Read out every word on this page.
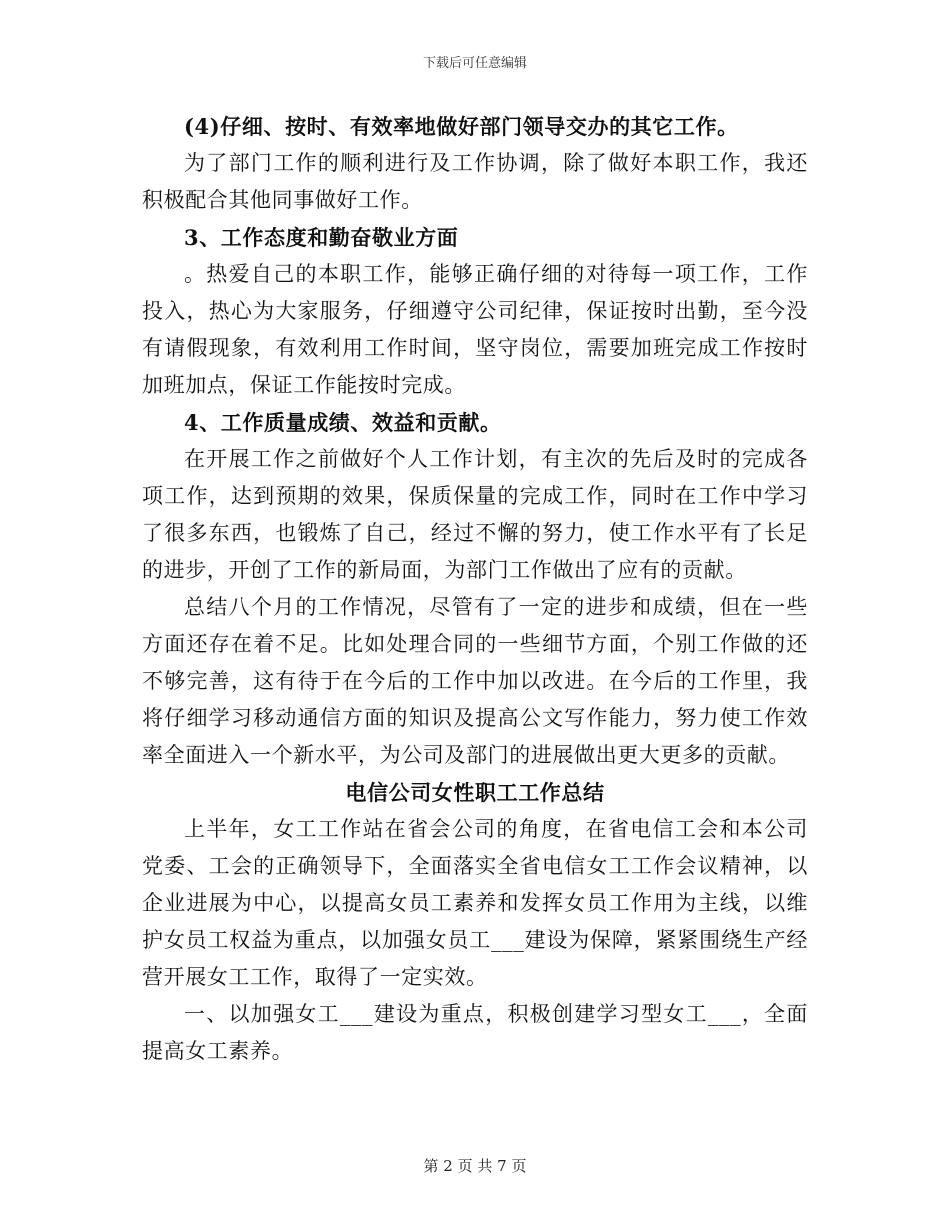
下载后可任意编辑

(4)仔细、按时、有效率地做好部门领导交办的其它工作。

为了部门工作的顺利进行及工作协调，除了做好本职工作，我还积极配合其他同事做好工作。

3、工作态度和勤奋敬业方面

。热爱自己的本职工作，能够正确仔细的对待每一项工作，工作投入，热心为大家服务，仔细遵守公司纪律，保证按时出勤，至今没有请假现象，有效利用工作时间，坚守岗位，需要加班完成工作按时加班加点，保证工作能按时完成。

4、工作质量成绩、效益和贡献。

在开展工作之前做好个人工作计划，有主次的先后及时的完成各项工作，达到预期的效果，保质保量的完成工作，同时在工作中学习了很多东西，也锻炼了自己，经过不懈的努力，使工作水平有了长足的进步，开创了工作的新局面，为部门工作做出了应有的贡献。

总结八个月的工作情况，尽管有了一定的进步和成绩，但在一些方面还存在着不足。比如处理合同的一些细节方面，个别工作做的还不够完善，这有待于在今后的工作中加以改进。在今后的工作里，我将仔细学习移动通信方面的知识及提高公文写作能力，努力使工作效率全面进入一个新水平，为公司及部门的进展做出更大更多的贡献。

电信公司女性职工工作总结

上半年，女工工作站在省会公司的角度，在省电信工会和本公司党委、工会的正确领导下，全面落实全省电信女工工作会议精神，以企业进展为中心，以提高女员工素养和发挥女员工作用为主线，以维护女员工权益为重点，以加强女员工___建设为保障，紧紧围绕生产经营开展女工工作，取得了一定实效。

一、以加强女工___建设为重点，积极创建学习型女工___，全面提高女工素养。

第 2 页 共 7 页
